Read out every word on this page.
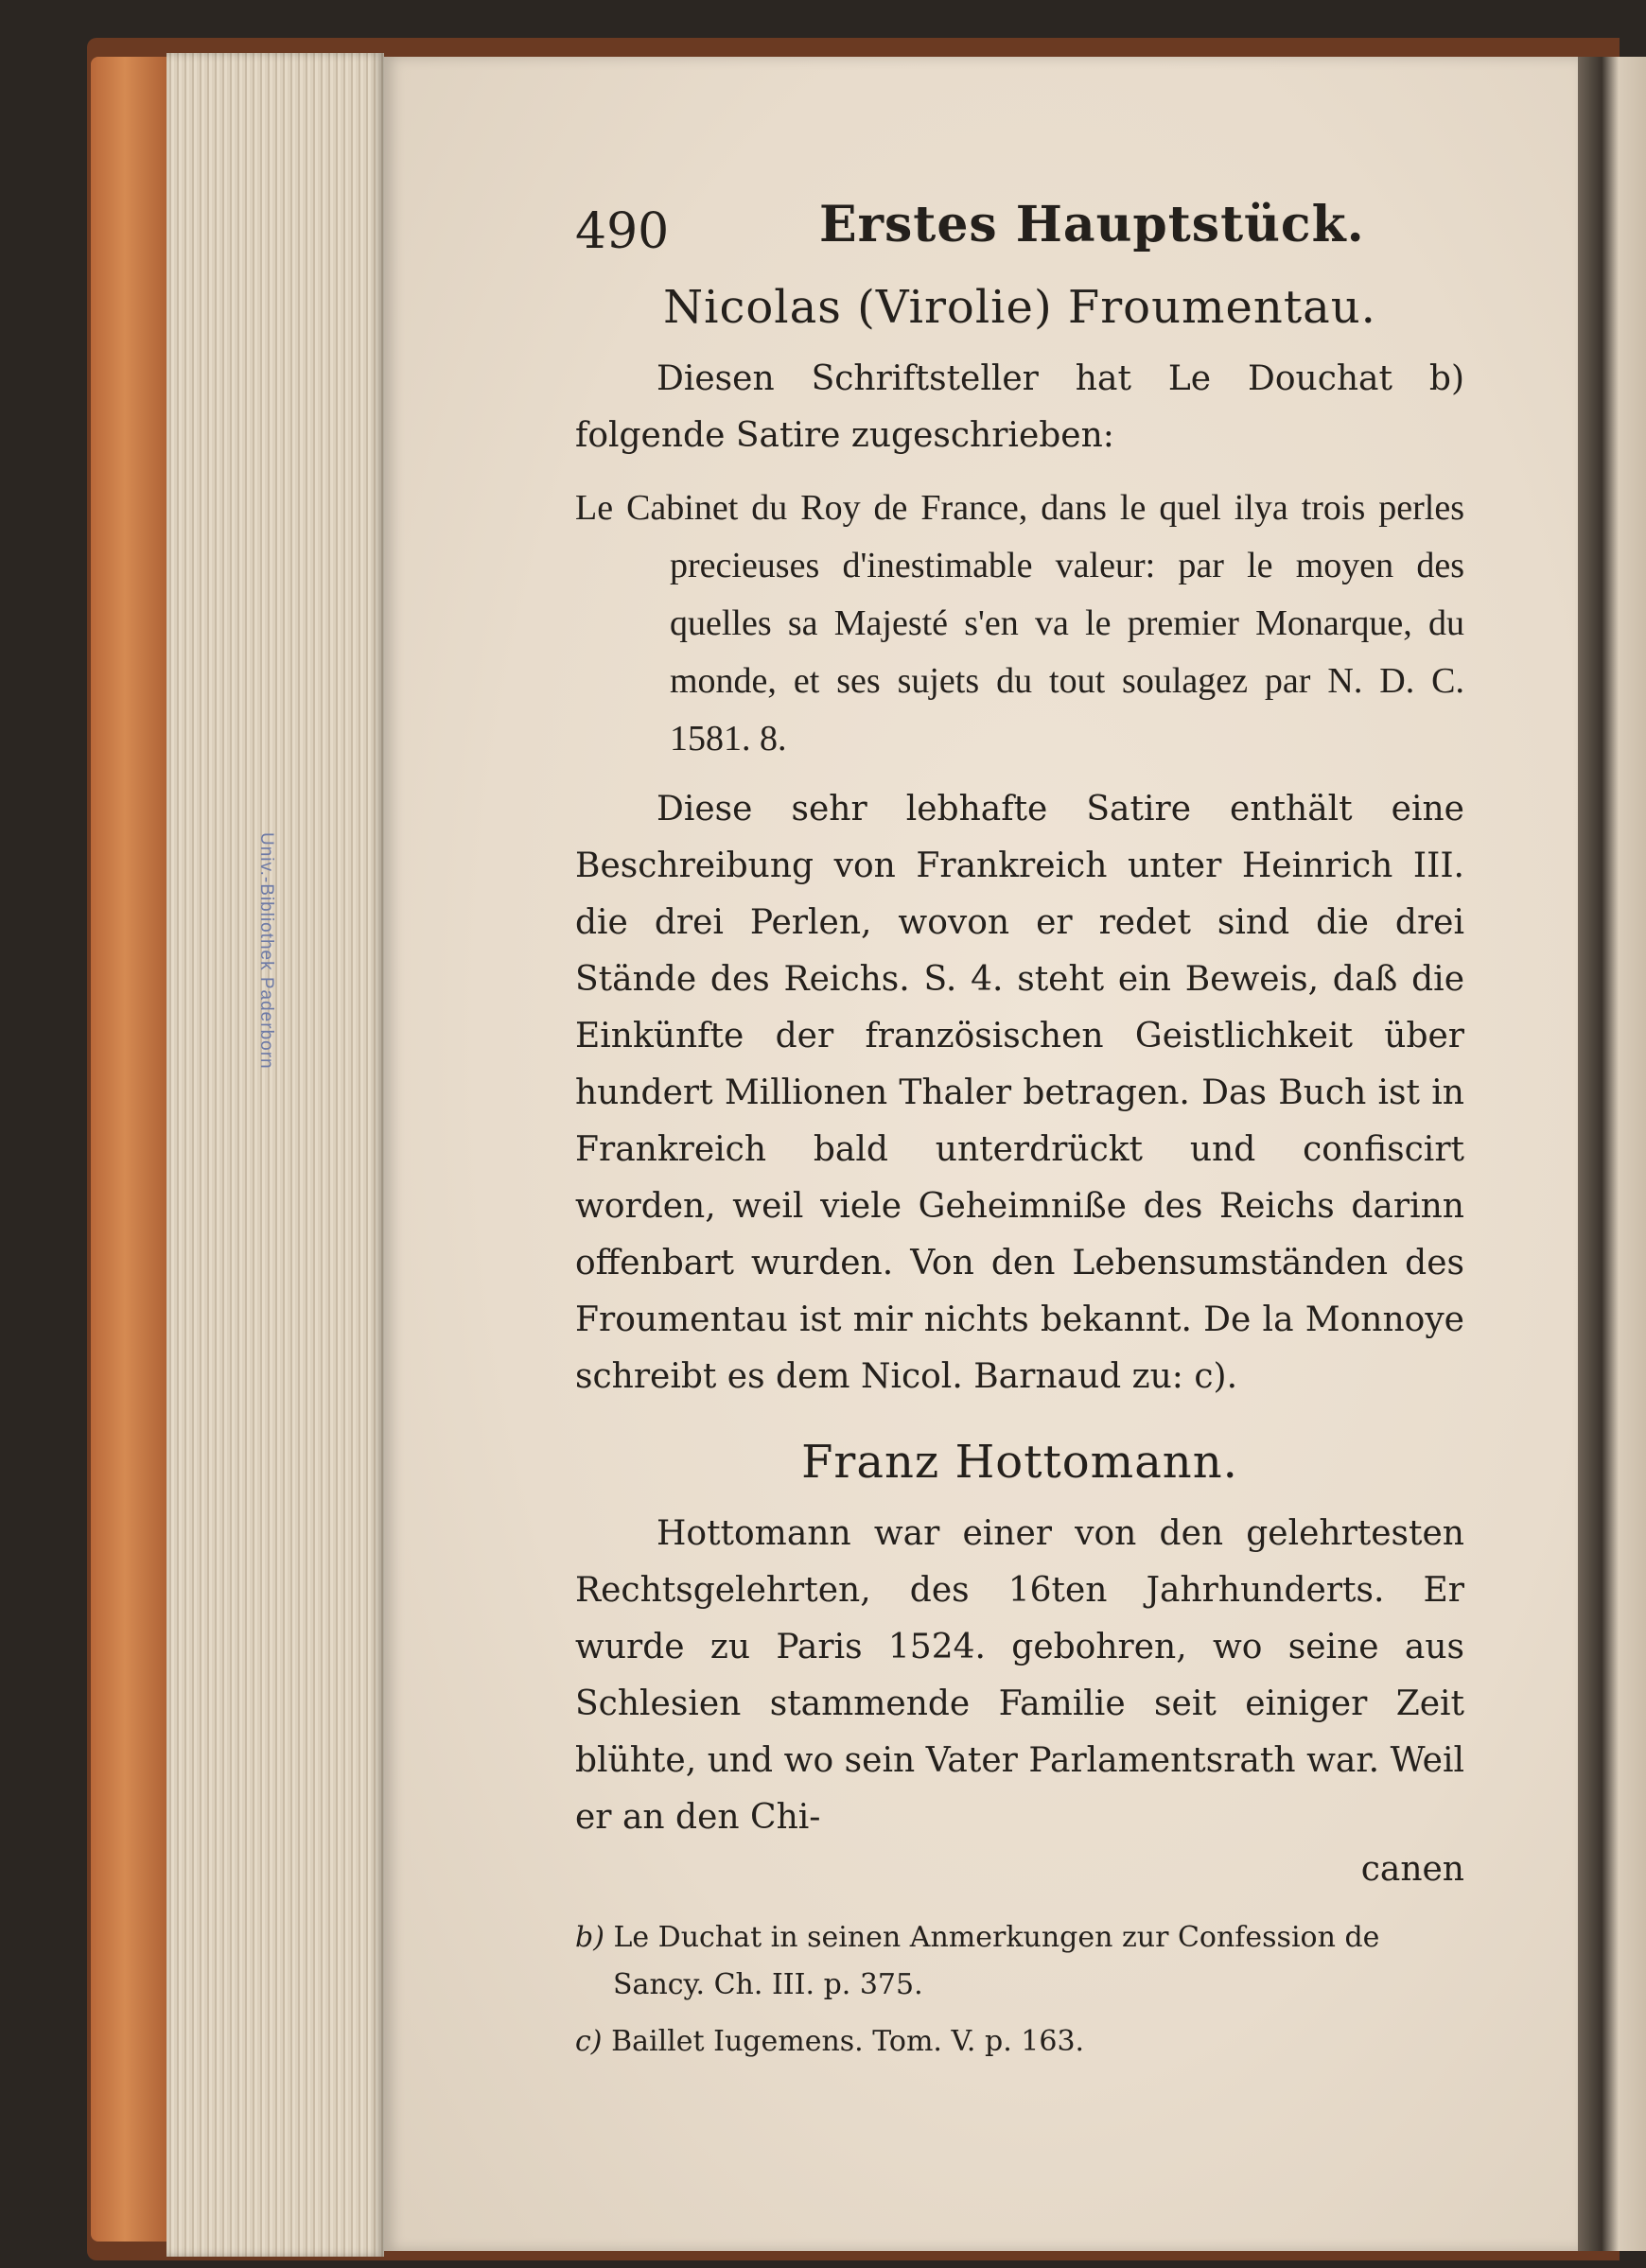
Univ.-Bibliothek Paderborn
490	Erstes Hauptstück.
Nicolas (Virolie) Froumentau.

Diesen Schriftsteller hat Le Douchat b) folgende Satire zugeschrieben:

Le Cabinet du Roy de France, dans le quel ilya trois perles precieuses d'inestimable valeur: par le moyen des quelles sa Majesté s'en va le premier Monarque, du monde, et ses sujets du tout soulagez par N. D. C. 1581. 8.

Diese sehr lebhafte Satire enthält eine Beschreibung von Frankreich unter Heinrich III. die drei Perlen, wovon er redet sind die drei Stände des Reichs. S. 4. steht ein Beweis, daß die Einkünfte der französischen Geistlichkeit über hundert Millionen Thaler betragen. Das Buch ist in Frankreich bald unterdrückt und confiscirt worden, weil viele Geheimniße des Reichs darinn offenbart wurden. Von den Lebensumständen des Froumentau ist mir nichts bekannt. De la Monnoye schreibt es dem Nicol. Barnaud zu: c).

Franz Hottomann.

Hottomann war einer von den gelehrtesten Rechtsgelehrten, des 16ten Jahrhunderts. Er wurde zu Paris 1524. gebohren, wo seine aus Schlesien stammende Familie seit einiger Zeit blühte, und wo sein Vater Parlamentsrath war. Weil er an den Chi-

canen
b) Le Duchat in seinen Anmerkungen zur Confession de Sancy. Ch. III. p. 375.
c) Baillet Iugemens. Tom. V. p. 163.
